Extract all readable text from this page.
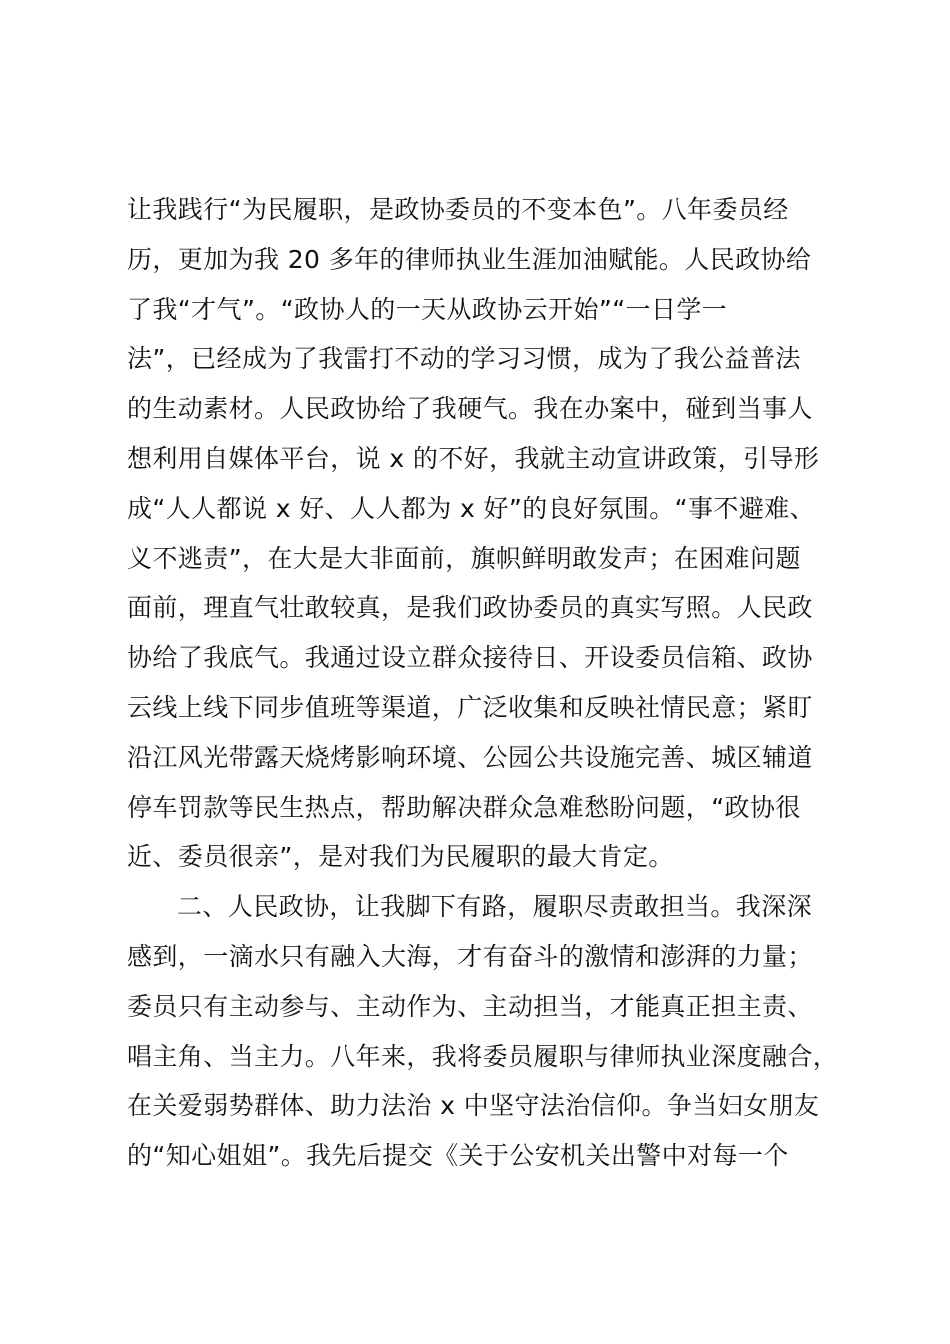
让我践行“为民履职，是政协委员的不变本色”。八年委员经
历，更加为我 20 多年的律师执业生涯加油赋能。人民政协给
了我“才气”。“政协人的一天从政协云开始”“一日学一
法”，已经成为了我雷打不动的学习习惯，成为了我公益普法
的生动素材。人民政协给了我硬气。我在办案中，碰到当事人
想利用自媒体平台，说 x 的不好，我就主动宣讲政策，引导形
成“人人都说 x 好、人人都为 x 好”的良好氛围。“事不避难、
义不逃责”，在大是大非面前，旗帜鲜明敢发声；在困难问题
面前，理直气壮敢较真，是我们政协委员的真实写照。人民政
协给了我底气。我通过设立群众接待日、开设委员信箱、政协
云线上线下同步值班等渠道，广泛收集和反映社情民意；紧盯
沿江风光带露天烧烤影响环境、公园公共设施完善、城区辅道
停车罚款等民生热点，帮助解决群众急难愁盼问题，“政协很
近、委员很亲”，是对我们为民履职的最大肯定。
二、人民政协，让我脚下有路，履职尽责敢担当。我深深
感到，一滴水只有融入大海，才有奋斗的激情和澎湃的力量；
委员只有主动参与、主动作为、主动担当，才能真正担主责、
唱主角、当主力。八年来，我将委员履职与律师执业深度融合，
在关爱弱势群体、助力法治 x 中坚守法治信仰。争当妇女朋友
的“知心姐姐”。我先后提交《关于公安机关出警中对每一个
